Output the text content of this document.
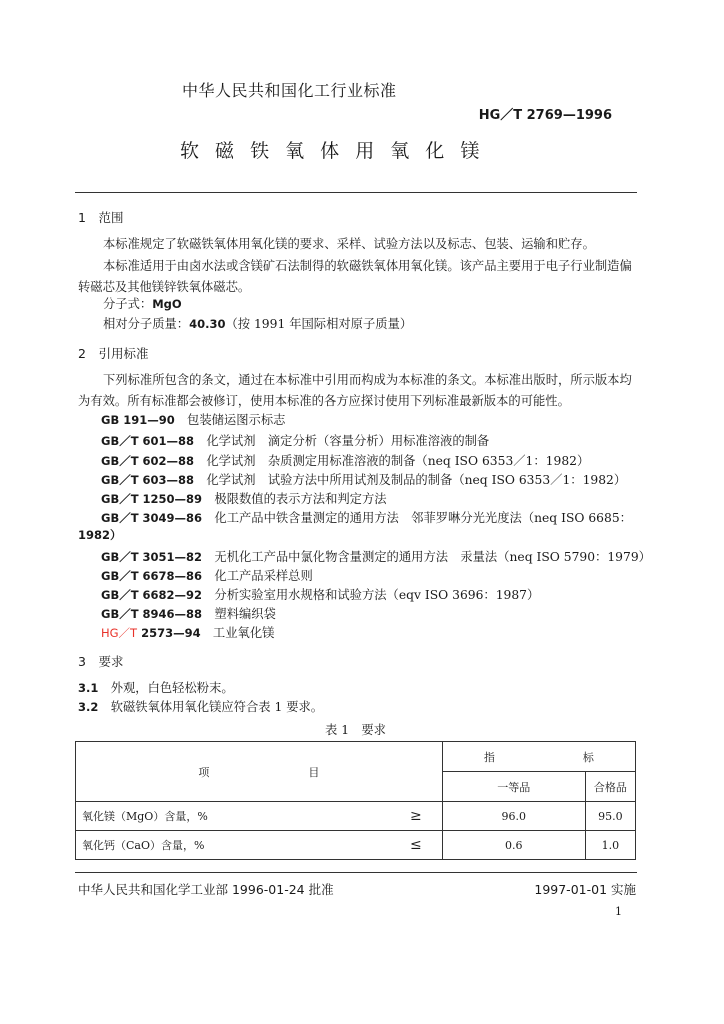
中华人民共和国化工行业标准
HG／T 2769—1996
软 磁 铁 氧 体 用 氧 化 镁
1　范围
本标准规定了软磁铁氧体用氧化镁的要求、采样、试验方法以及标志、包装、运输和贮存。
本标准适用于由卤水法或含镁矿石法制得的软磁铁氧体用氧化镁。该产品主要用于电子行业制造偏转磁芯及其他镁锌铁氧体磁芯。
分子式：MgO
相对分子质量：40.30（按 1991 年国际相对原子质量）
2　引用标准
下列标准所包含的条文，通过在本标准中引用而构成为本标准的条文。本标准出版时，所示版本均为有效。所有标准都会被修订，使用本标准的各方应探讨使用下列标准最新版本的可能性。
GB 191—90　 包装储运图示标志
GB／T 601—88　 化学试剂　滴定分析（容量分析）用标准溶液的制备
GB／T 602—88　 化学试剂　杂质测定用标准溶液的制备（neq ISO 6353／1：1982）
GB／T 603—88　 化学试剂　试验方法中所用试剂及制品的制备（neq ISO 6353／1：1982）
GB／T 1250—89　 极限数值的表示方法和判定方法
GB／T 3049—86　 化工产品中铁含量测定的通用方法　邻菲罗啉分光光度法（neq ISO 6685：
1982）
GB／T 3051—82　 无机化工产品中氯化物含量测定的通用方法　汞量法（neq ISO 5790：1979）
GB／T 6678—86　 化工产品采样总则
GB／T 6682—92　 分析实验室用水规格和试验方法（eqv ISO 3696：1987）
GB／T 8946—88　 塑料编织袋
HG／T 2573—94　 工业氧化镁
3　要求
3.1　 外观，白色轻松粉末。
3.2　 软磁铁氧体用氧化镁应符合表 1 要求。
表 1　要求
项　　　　　　　　　目		指　　　　　　　　标	
		一等品	合格品
氧化镁（MgO）含量，%	≥	96.0	95.0
氧化钙（CaO）含量，%	≤	0.6	1.0
中华人民共和国化学工业部 1996-01-24 批准	1997-01-01 实施
1
